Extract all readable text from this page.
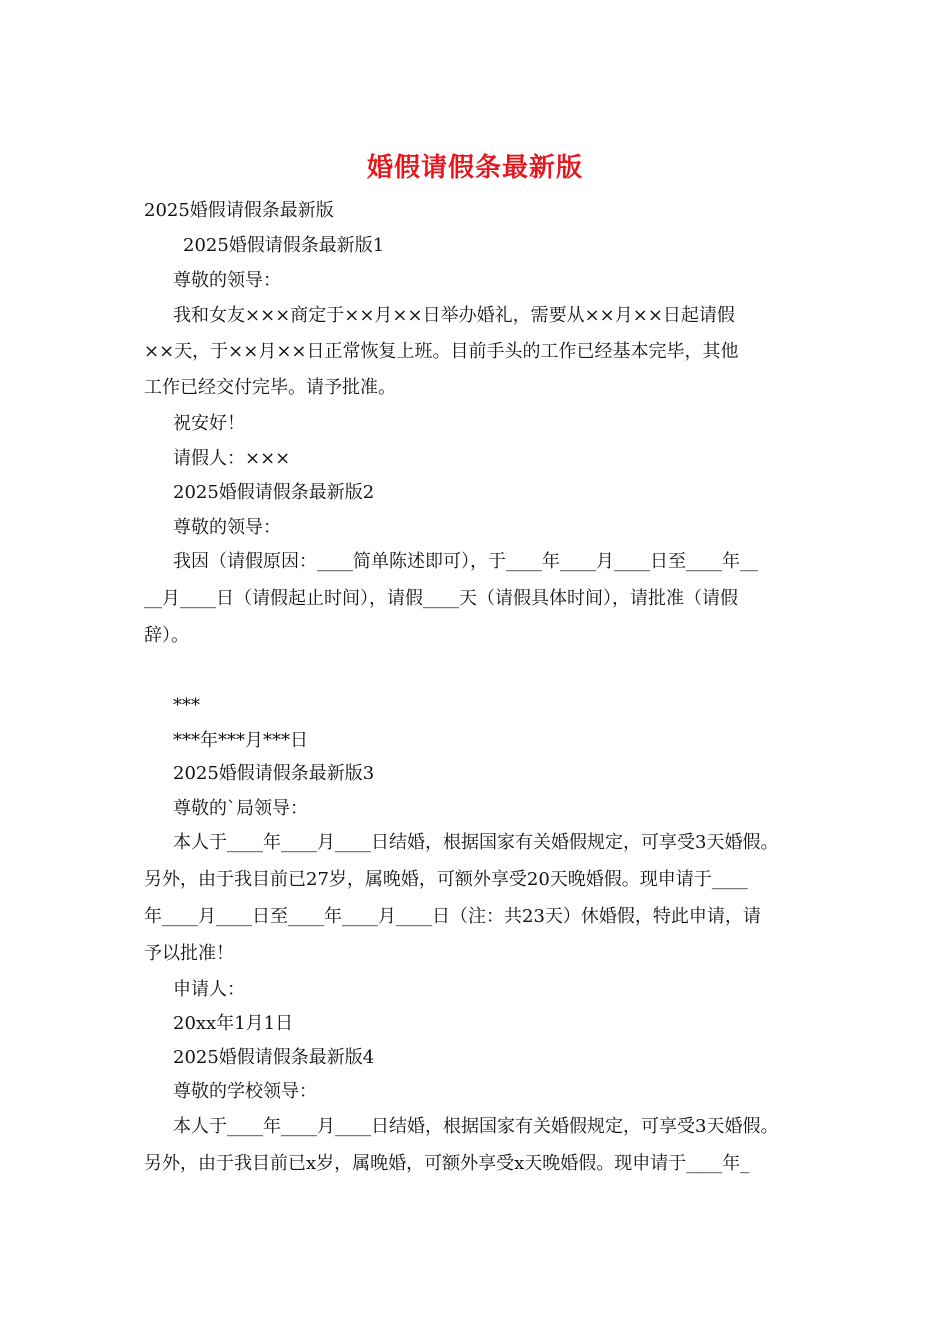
婚假请假条最新版
2025婚假请假条最新版
2025婚假请假条最新版1
尊敬的领导：
我和女友×××商定于××月××日举办婚礼，需要从××月××日起请假
××天，于××月××日正常恢复上班。目前手头的工作已经基本完毕，其他
工作已经交付完毕。请予批准。
祝安好！
请假人：×××
2025婚假请假条最新版2
尊敬的领导：
我因（请假原因：____简单陈述即可），于____年____月____日至____年__
__月____日（请假起止时间），请假____天（请假具体时间），请批准（请假
辞）。
***
***年***月***日
2025婚假请假条最新版3
尊敬的`局领导：
本人于____年____月____日结婚，根据国家有关婚假规定，可享受3天婚假。
另外，由于我目前已27岁，属晚婚，可额外享受20天晚婚假。现申请于____
年____月____日至____年____月____日（注：共23天）休婚假，特此申请，请
予以批准！
申请人：
20xx年1月1日
2025婚假请假条最新版4
尊敬的学校领导：
本人于____年____月____日结婚，根据国家有关婚假规定，可享受3天婚假。
另外，由于我目前已x岁，属晚婚，可额外享受x天晚婚假。现申请于____年_
